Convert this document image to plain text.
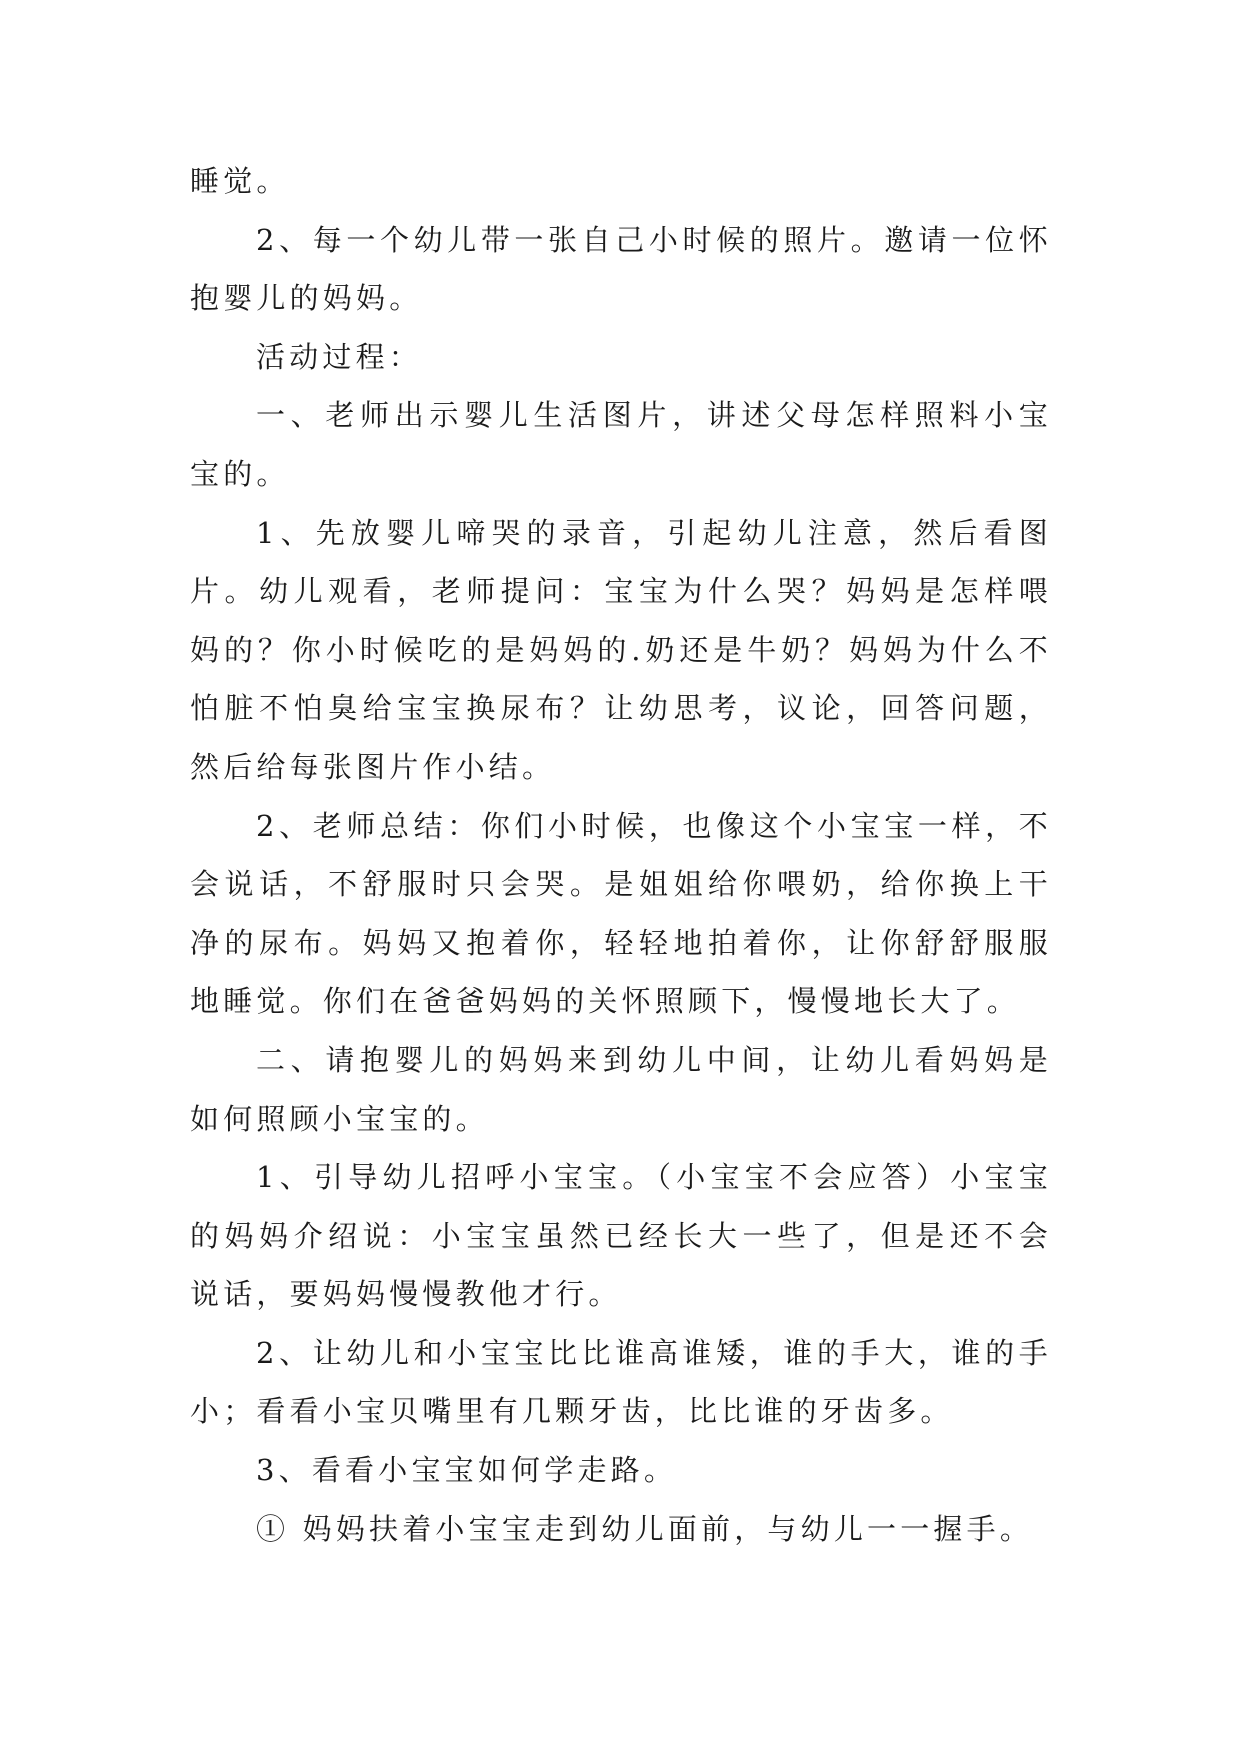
睡觉。

2、每一个幼儿带一张自己小时候的照片。邀请一位怀抱婴儿的妈妈。

活动过程：

一、老师出示婴儿生活图片，讲述父母怎样照料小宝宝的。

1、先放婴儿啼哭的录音，引起幼儿注意，然后看图片。幼儿观看，老师提问：宝宝为什么哭？妈妈是怎样喂妈的？你小时候吃的是妈妈的.奶还是牛奶？妈妈为什么不怕脏不怕臭给宝宝换尿布？让幼思考，议论，回答问题，然后给每张图片作小结。

2、老师总结：你们小时候，也像这个小宝宝一样，不会说话，不舒服时只会哭。是姐姐给你喂奶，给你换上干净的尿布。妈妈又抱着你，轻轻地拍着你，让你舒舒服服地睡觉。你们在爸爸妈妈的关怀照顾下，慢慢地长大了。

二、请抱婴儿的妈妈来到幼儿中间，让幼儿看妈妈是如何照顾小宝宝的。

1、引导幼儿招呼小宝宝。（小宝宝不会应答）小宝宝的妈妈介绍说：小宝宝虽然已经长大一些了，但是还不会说话，要妈妈慢慢教他才行。

2、让幼儿和小宝宝比比谁高谁矮，谁的手大，谁的手小；看看小宝贝嘴里有几颗牙齿，比比谁的牙齿多。

3、看看小宝宝如何学走路。

① 妈妈扶着小宝宝走到幼儿面前，与幼儿一一握手。
